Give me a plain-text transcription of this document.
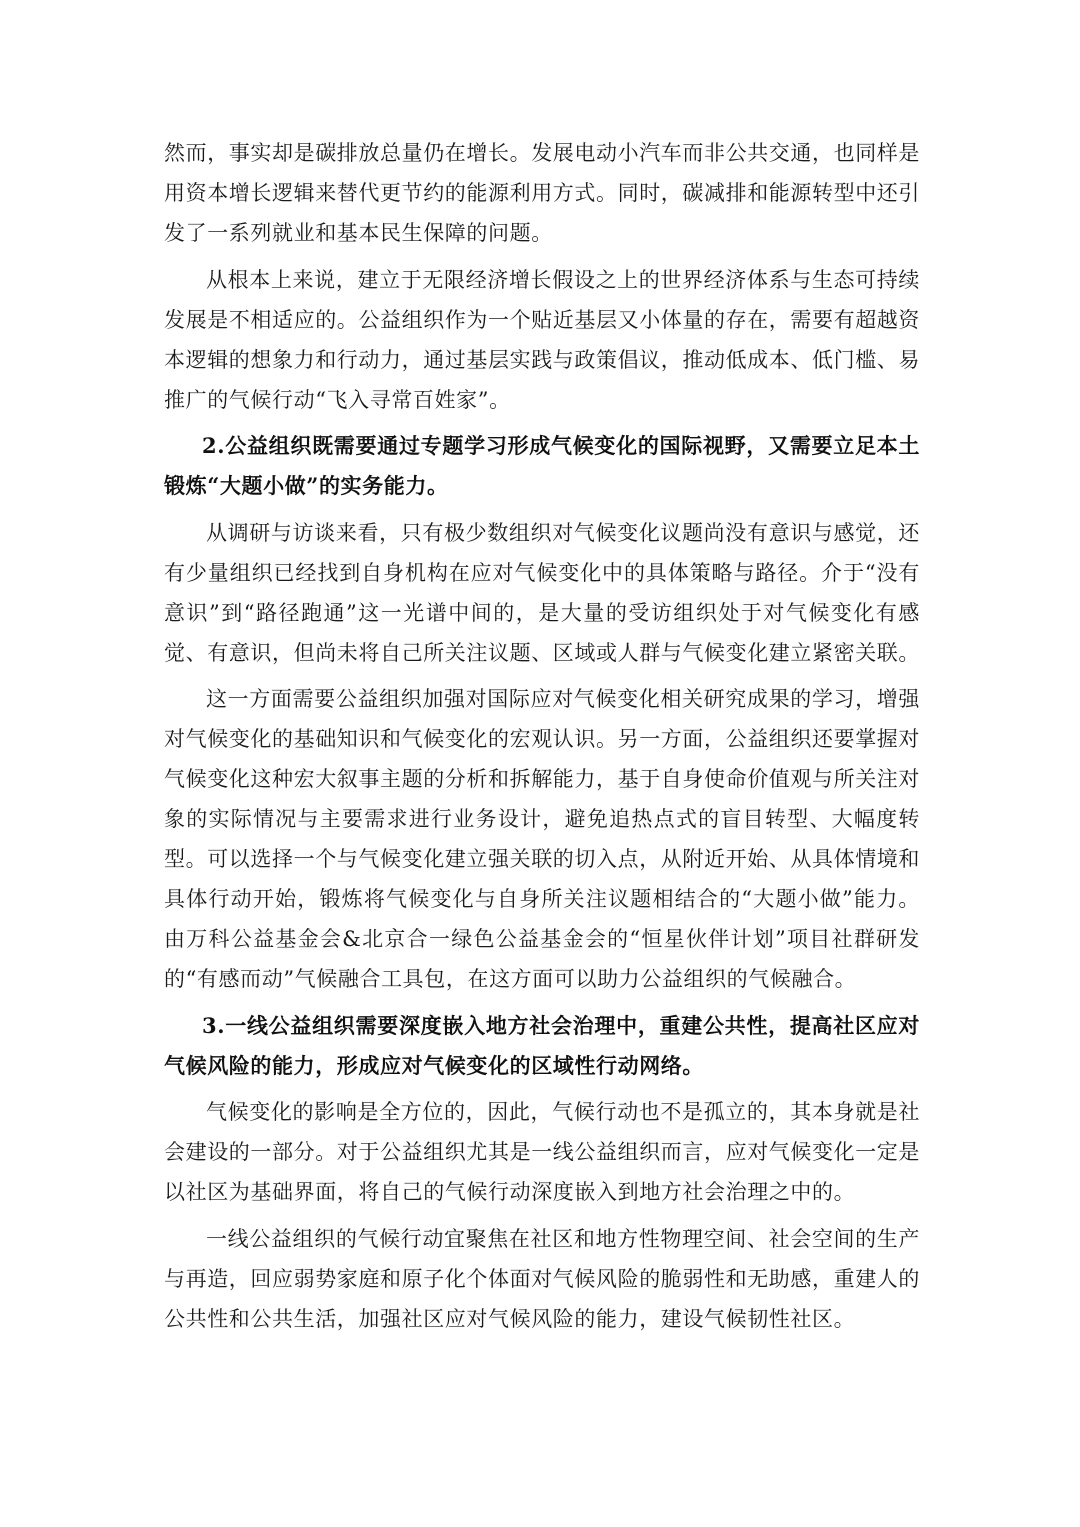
然而，事实却是碳排放总量仍在增长。发展电动小汽车而非公共交通，也同样是用资本增长逻辑来替代更节约的能源利用方式。同时，碳减排和能源转型中还引发了一系列就业和基本民生保障的问题。

从根本上来说，建立于无限经济增长假设之上的世界经济体系与生态可持续发展是不相适应的。公益组织作为一个贴近基层又小体量的存在，需要有超越资本逻辑的想象力和行动力，通过基层实践与政策倡议，推动低成本、低门槛、易推广的气候行动“飞入寻常百姓家”。

2.公益组织既需要通过专题学习形成气候变化的国际视野，又需要立足本土锻炼“大题小做”的实务能力。

从调研与访谈来看，只有极少数组织对气候变化议题尚没有意识与感觉，还有少量组织已经找到自身机构在应对气候变化中的具体策略与路径。介于“没有意识”到“路径跑通”这一光谱中间的，是大量的受访组织处于对气候变化有感觉、有意识，但尚未将自己所关注议题、区域或人群与气候变化建立紧密关联。

这一方面需要公益组织加强对国际应对气候变化相关研究成果的学习，增强对气候变化的基础知识和气候变化的宏观认识。另一方面，公益组织还要掌握对气候变化这种宏大叙事主题的分析和拆解能力，基于自身使命价值观与所关注对象的实际情况与主要需求进行业务设计，避免追热点式的盲目转型、大幅度转型。可以选择一个与气候变化建立强关联的切入点，从附近开始、从具体情境和具体行动开始，锻炼将气候变化与自身所关注议题相结合的“大题小做”能力。由万科公益基金会&北京合一绿色公益基金会的“恒星伙伴计划”项目社群研发的“有感而动”气候融合工具包，在这方面可以助力公益组织的气候融合。

3.一线公益组织需要深度嵌入地方社会治理中，重建公共性，提高社区应对气候风险的能力，形成应对气候变化的区域性行动网络。

气候变化的影响是全方位的，因此，气候行动也不是孤立的，其本身就是社会建设的一部分。对于公益组织尤其是一线公益组织而言，应对气候变化一定是以社区为基础界面，将自己的气候行动深度嵌入到地方社会治理之中的。

一线公益组织的气候行动宜聚焦在社区和地方性物理空间、社会空间的生产与再造，回应弱势家庭和原子化个体面对气候风险的脆弱性和无助感，重建人的公共性和公共生活，加强社区应对气候风险的能力，建设气候韧性社区。
